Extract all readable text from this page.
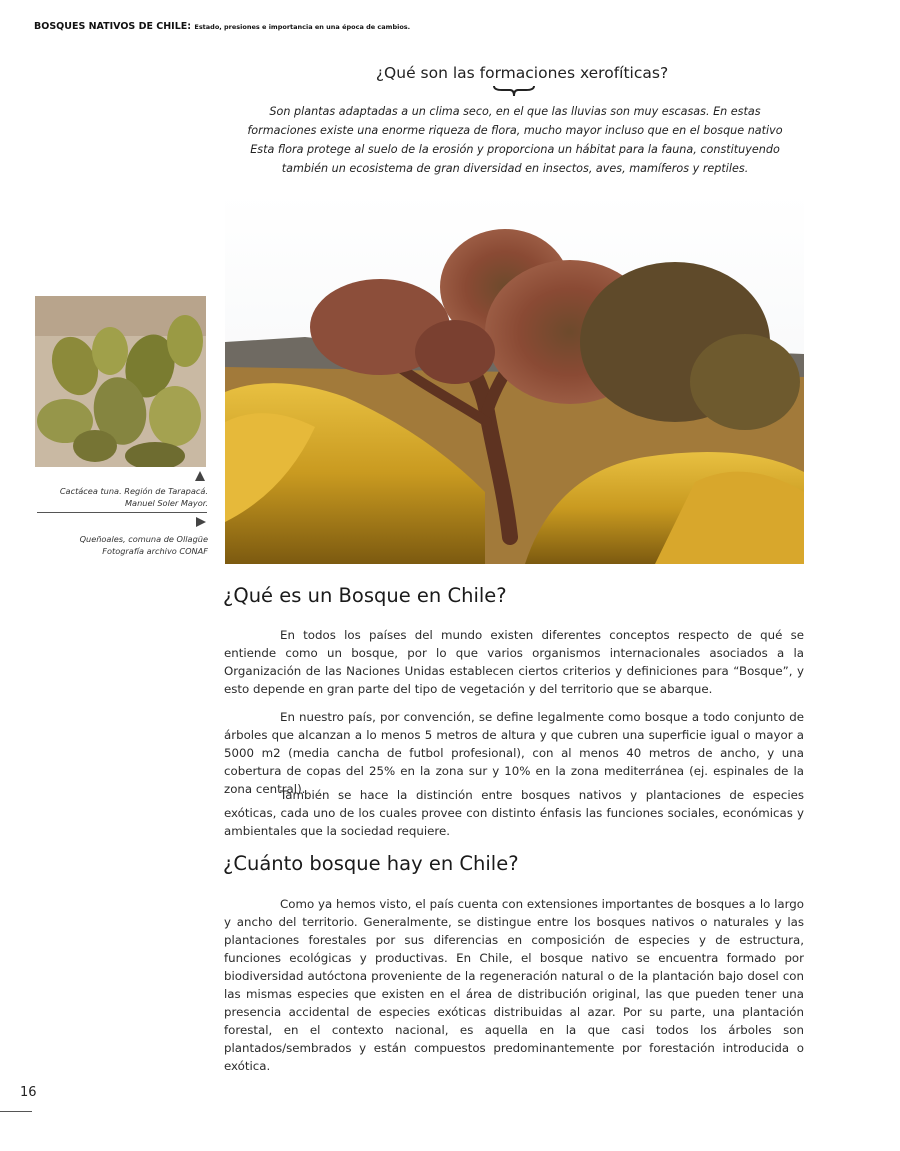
BOSQUES NATIVOS DE CHILE: Estado, presiones e importancia en una época de cambios.
¿Qué son las formaciones xerofíticas?
Son plantas adaptadas a un clima seco, en el que las lluvias son muy escasas. En estas
formaciones existe una enorme riqueza de flora, mucho mayor incluso que en el bosque nativo
Esta flora protege al suelo de la erosión y proporciona un hábitat para la fauna, constituyendo
también un ecosistema de gran diversidad en insectos, aves, mamíferos y reptiles.
Cactácea tuna. Región de Tarapacá.
Manuel Soler Mayor.
Queñoales, comuna de Ollagüe
Fotografía archivo CONAF
¿Qué es un Bosque en Chile?

En todos los países del mundo existen diferentes conceptos respecto de qué se entiende como un bosque, por lo que varios organismos internacionales asociados a la Organización de las Naciones Unidas establecen ciertos criterios y definiciones para “Bosque”, y esto depende en gran parte del tipo de vegetación y del territorio que se abarque.

En nuestro país, por convención, se define legalmente como bosque a todo conjunto de árboles que alcanzan a lo menos 5 metros de altura y que cubren una superficie igual o mayor a 5000 m2 (media cancha de futbol profesional), con al menos 40 metros de ancho, y una cobertura de copas del 25% en la zona sur y 10% en la zona mediterránea (ej. espinales de la zona central).

También se hace la distinción entre bosques nativos y plantaciones de especies exóticas, cada uno de los cuales provee con distinto énfasis las funciones sociales, económicas y ambientales que la sociedad requiere.

¿Cuánto bosque hay en Chile?

Como ya hemos visto, el país cuenta con extensiones importantes de bosques a lo largo y ancho del territorio. Generalmente, se distingue entre los bosques nativos o naturales y las plantaciones forestales por sus diferencias en composición de especies y de estructura, funciones ecológicas y productivas. En Chile, el bosque nativo se encuentra formado por biodiversidad autóctona proveniente de la regeneración natural o de la plantación bajo dosel con las mismas especies que existen en el área de distribución original, las que pueden tener una presencia accidental de especies exóticas distribuidas al azar. Por su parte, una plantación forestal, en el contexto nacional, es aquella en la que casi todos los árboles son plantados/sembrados y están compuestos predominantemente por forestación introducida o exótica.

16
